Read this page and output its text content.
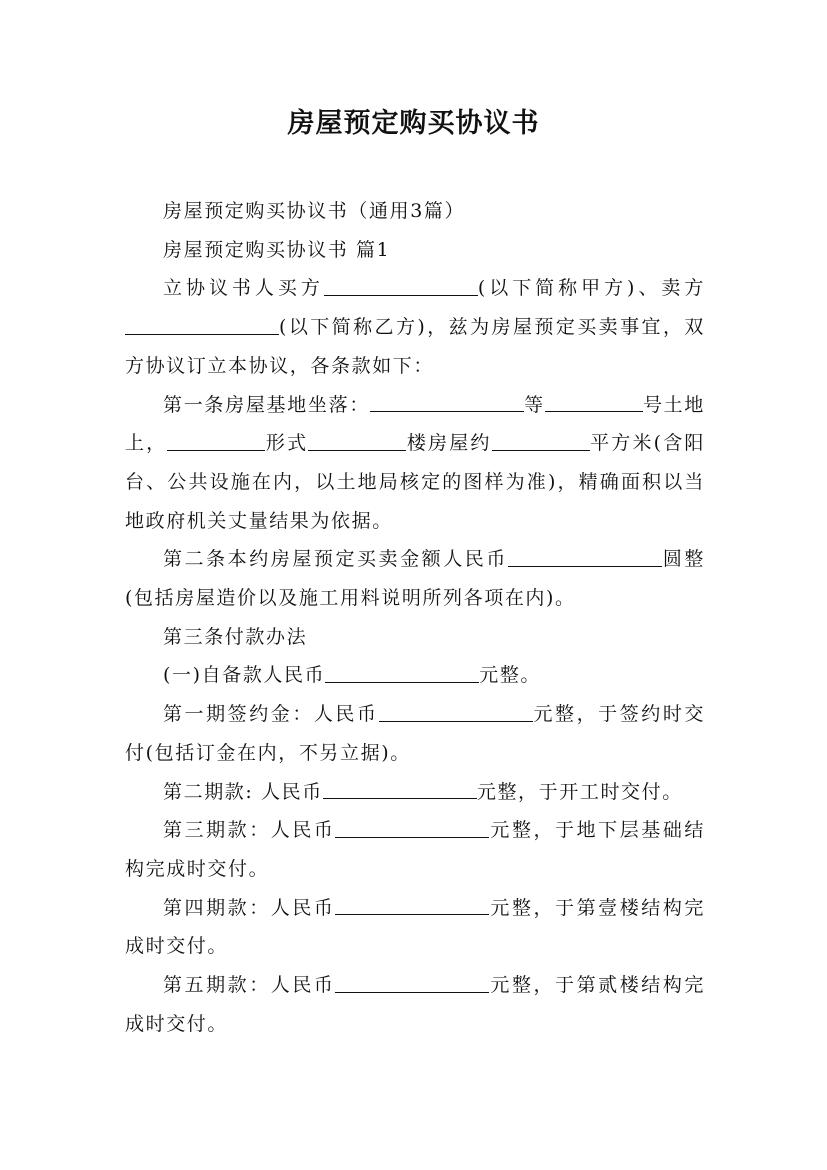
房屋预定购买协议书

房屋预定购买协议书（通用3篇）

房屋预定购买协议书 篇1

立协议书人买方	(以下简称甲方)、卖方(以下简称乙方)，兹为房屋预定买卖事宜，双方协议订立本协议，各条款如下：

第一条房屋基地坐落：	等	号土地上，	形式	楼房屋约	平方米(含阳台、公共设施在内，以土地局核定的图样为准)，精确面积以当地政府机关丈量结果为依据。

第二条本约房屋预定买卖金额人民币	圆整(包括房屋造价以及施工用料说明所列各项在内)。

第三条付款办法

(一)自备款人民币	元整。

第一期签约金：人民币	元整，于签约时交付(包括订金在内，不另立据)。

第二期款: 人民币	元整，于开工时交付。

第三期款：人民币	元整，于地下层基础结构完成时交付。

第四期款：人民币	元整，于第壹楼结构完成时交付。

第五期款：人民币	元整，于第贰楼结构完成时交付。
